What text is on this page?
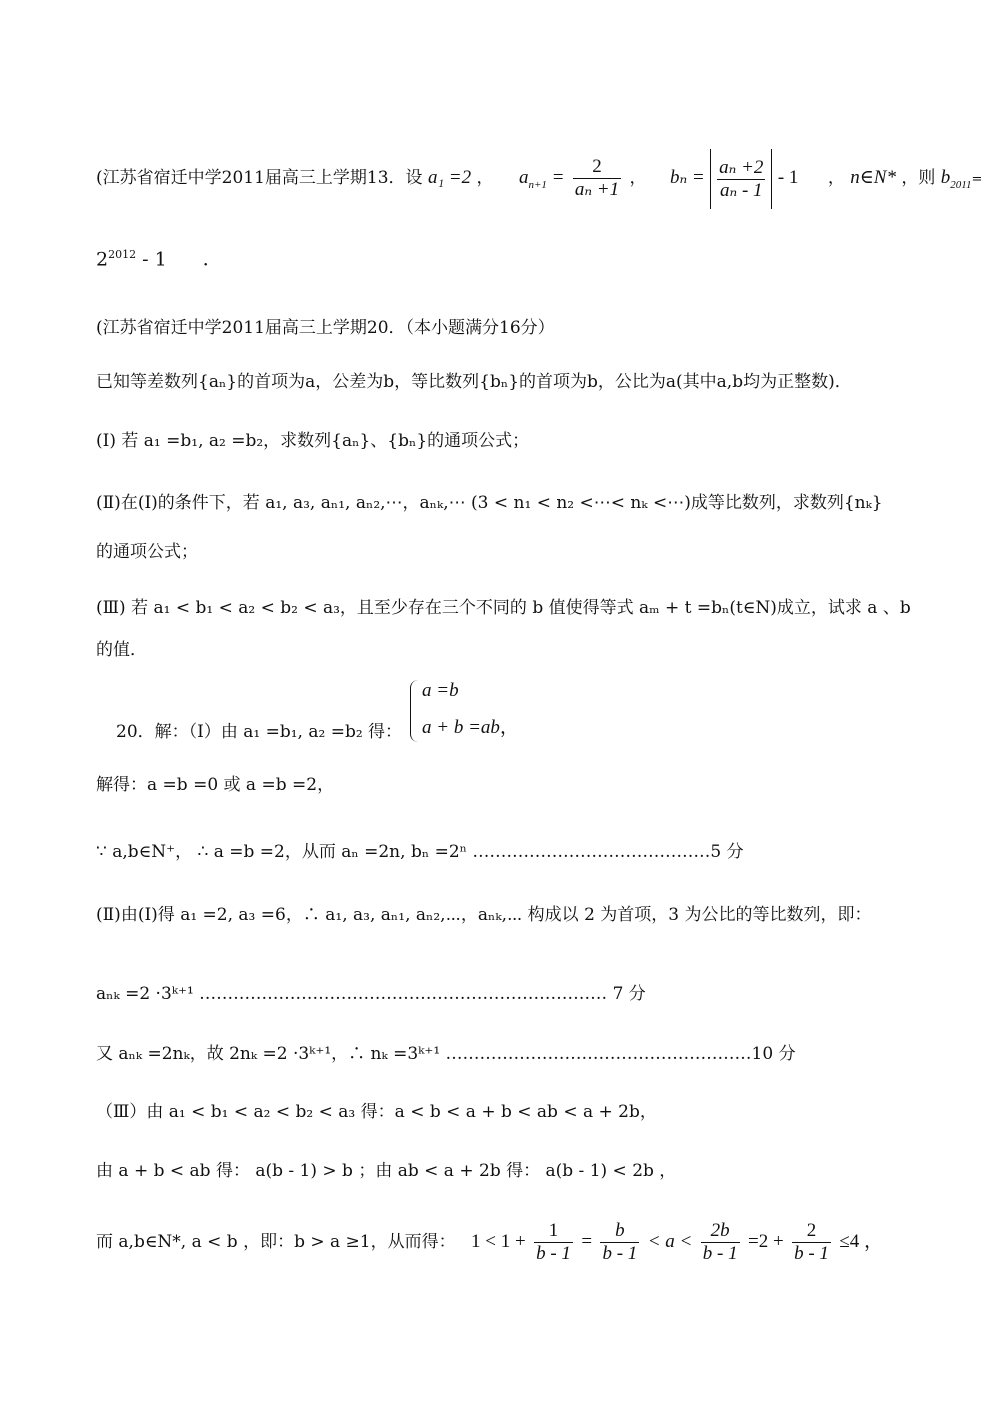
(江苏省宿迁中学2011届高三上学期13．设 a₁ =2 ， $a_{n+1} = \frac{2}{\text{aₙ +1}}$ ， $b_n = \frac{\text{aₙ +2}}{\text{aₙ - 1}} - 1$ ， n∈N* ，则 $b_{2011}=$
$2^{2012} - 1$ ．
(江苏省宿迁中学2011届高三上学期20．（本小题满分16分）
已知等差数列{aₙ}的首项为a，公差为b，等比数列{bₙ}的首项为b，公比为a(其中a,b均为正整数)．
(Ⅰ) 若 a₁ =b₁, a₂ =b₂，求数列{aₙ}、{bₙ}的通项公式；
(Ⅱ)在(Ⅰ)的条件下，若 a₁, a₃, aₙ₁, aₙ₂,⋯，aₙₖ,⋯ (3 < n₁ < n₂ <⋯< nₖ <⋯)成等比数列，求数列{nₖ}
的通项公式；
(Ⅲ) 若 a₁ < b₁ < a₂ < b₂ < a₃，且至少存在三个不同的 b 值使得等式 aₘ + t =bₙ(t∈N)成立，试求 a 、b
的值．
20．解：（Ⅰ）由 a₁ =b₁, a₂ =b₂ 得：
a =b
a + b =ab，
解得：a =b =0 或 a =b =2，
∵ a,b∈N⁺， ∴ a =b =2，从而 aₙ =2n, bₙ =2ⁿ ……………………………………5 分
(Ⅱ)由(Ⅰ)得 a₁ =2, a₃ =6，∴ a₁, a₃, aₙ₁, aₙ₂,⋯，aₙₖ,⋯ 构成以 2 为首项，3 为公比的等比数列，即：
aₙₖ =2 ·3ᵏ⁺¹ ……………………………………………………………… 7 分
又 aₙₖ =2nₖ，故 2nₖ =2 ·3ᵏ⁺¹，∴ nₖ =3ᵏ⁺¹ ………………………………………………10 分
（Ⅲ）由 a₁ < b₁ < a₂ < b₂ < a₃ 得：a < b < a + b < ab < a + 2b，
由 a + b < ab 得： a(b - 1) > b ；由 ab < a + 2b 得： a(b - 1) < 2b ，
而 a,b∈N*, a < b ，即：b > a ≥1，从而得： $1 < 1 + \frac{1}{b - 1} = \frac{b}{b - 1} < a < \frac{2b}{b - 1} =2 + \frac{2}{b - 1} \le 4$ ，
